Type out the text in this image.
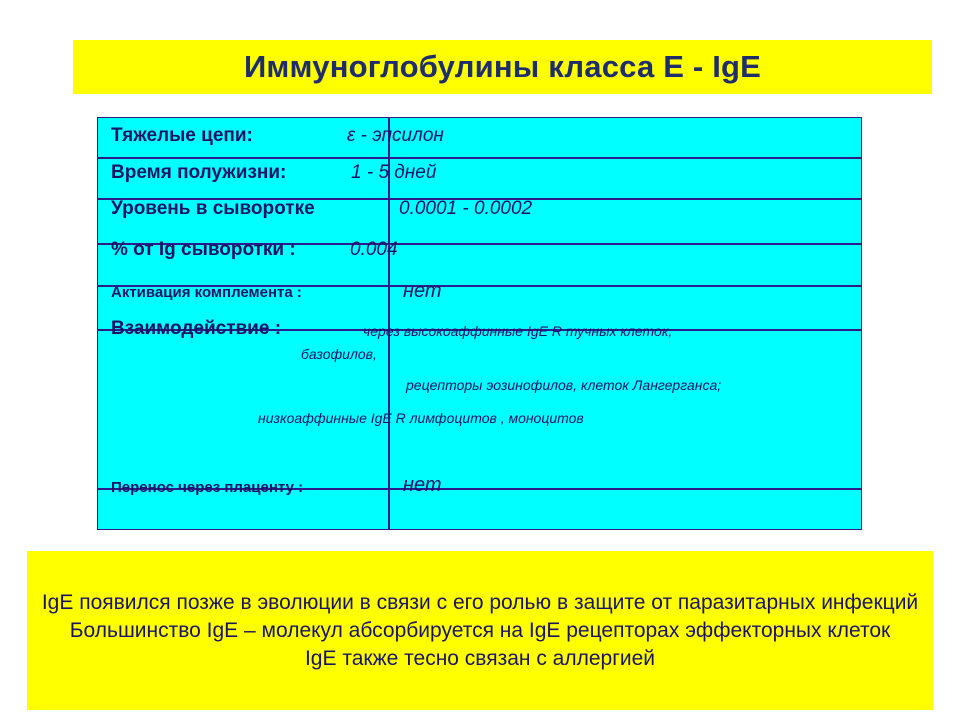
Иммуноглобулины класса Е - IgE
Тяжелые цепи:	ε - эпсилон
Время полужизни:	1 - 5 дней
Уровень в сыворотке	0.0001 - 0.0002
% от Ig сыворотки :	0.004
Активация комплемента :	нет
Взаимодействие :	через высокоаффинные IgE R тучных клеток,
базофилов,
рецепторы эозинофилов, клеток Лангерганса;
низкоаффинные IgE R лимфоцитов , моноцитов
Перенос через плаценту :	нет
IgE появился позже в эволюции в связи с его ролью в защите от паразитарных инфекций
Большинство IgE – молекул абсорбируется на IgE рецепторах эффекторных клеток
IgE также тесно связан с аллергией
